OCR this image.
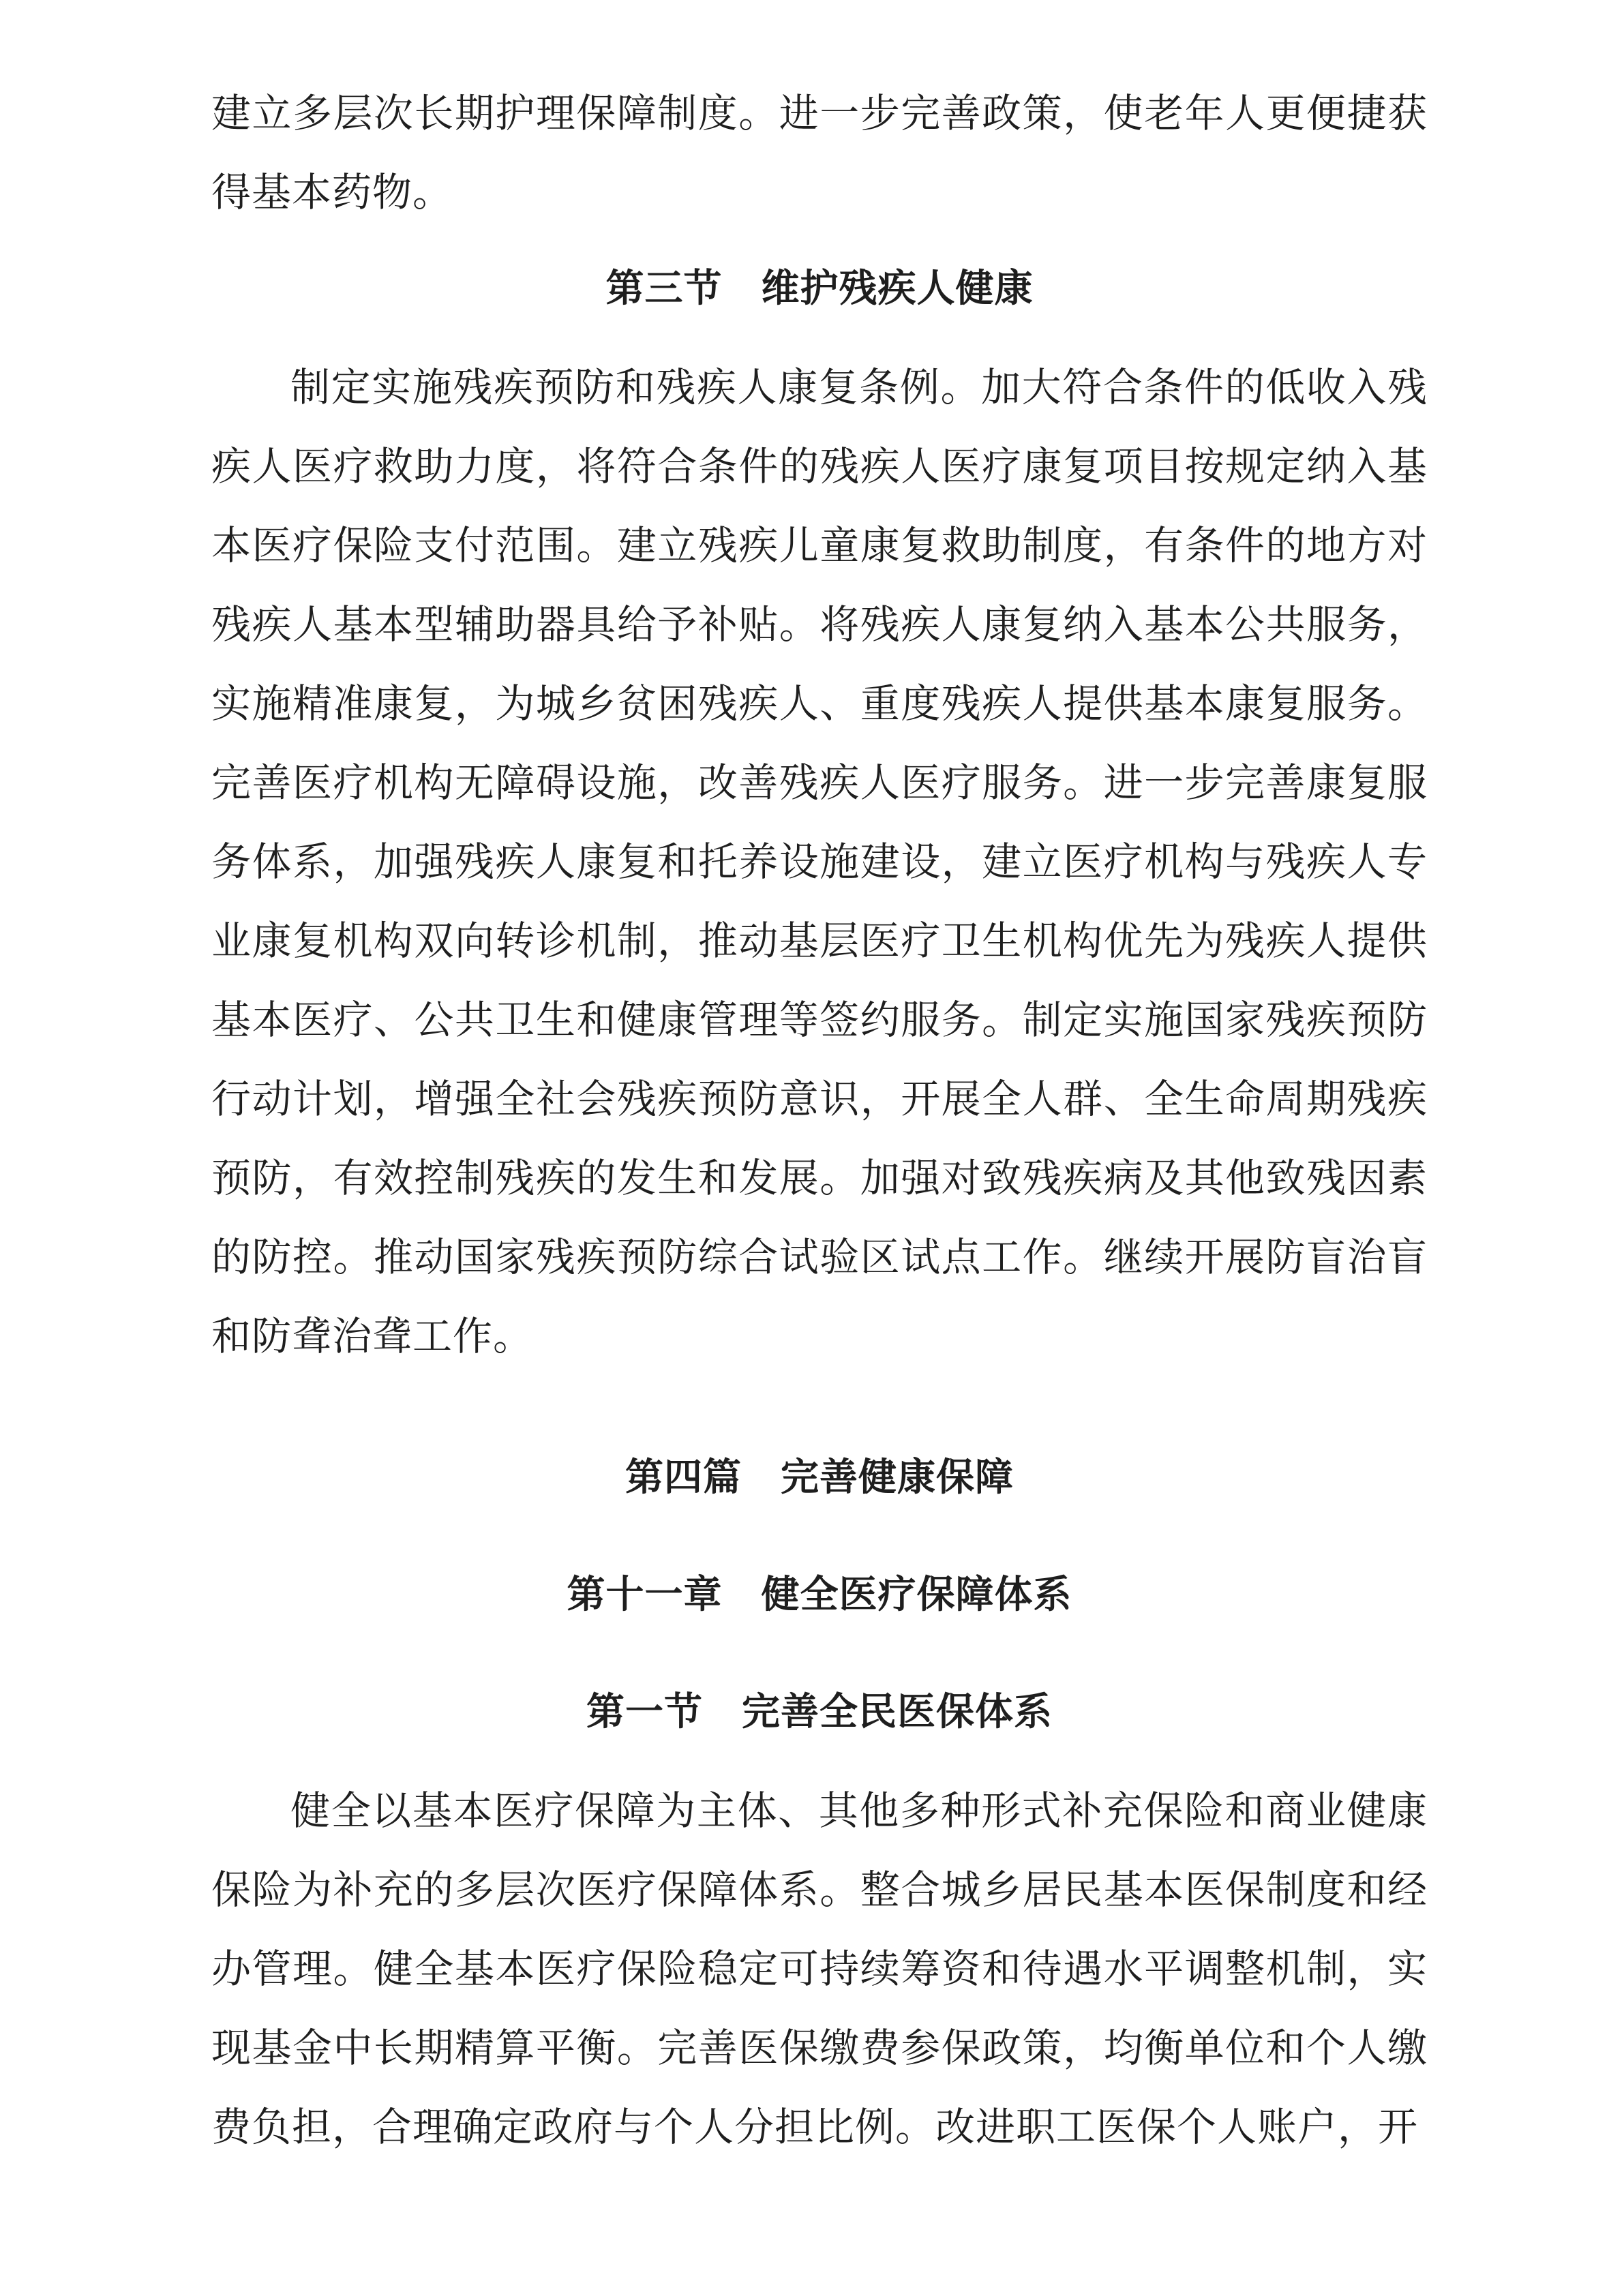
建立多层次长期护理保障制度。进一步完善政策，使老年人更便捷获得基本药物。

第三节　维护残疾人健康

制定实施残疾预防和残疾人康复条例。加大符合条件的低收入残疾人医疗救助力度，将符合条件的残疾人医疗康复项目按规定纳入基本医疗保险支付范围。建立残疾儿童康复救助制度，有条件的地方对残疾人基本型辅助器具给予补贴。将残疾人康复纳入基本公共服务，实施精准康复，为城乡贫困残疾人、重度残疾人提供基本康复服务。完善医疗机构无障碍设施，改善残疾人医疗服务。进一步完善康复服务体系，加强残疾人康复和托养设施建设，建立医疗机构与残疾人专业康复机构双向转诊机制，推动基层医疗卫生机构优先为残疾人提供基本医疗、公共卫生和健康管理等签约服务。制定实施国家残疾预防行动计划，增强全社会残疾预防意识，开展全人群、全生命周期残疾预防，有效控制残疾的发生和发展。加强对致残疾病及其他致残因素的防控。推动国家残疾预防综合试验区试点工作。继续开展防盲治盲和防聋治聋工作。

第四篇　完善健康保障
第十一章　健全医疗保障体系
第一节　完善全民医保体系

健全以基本医疗保障为主体、其他多种形式补充保险和商业健康保险为补充的多层次医疗保障体系。整合城乡居民基本医保制度和经办管理。健全基本医疗保险稳定可持续筹资和待遇水平调整机制，实现基金中长期精算平衡。完善医保缴费参保政策，均衡单位和个人缴费负担，合理确定政府与个人分担比例。改进职工医保个人账户，开
